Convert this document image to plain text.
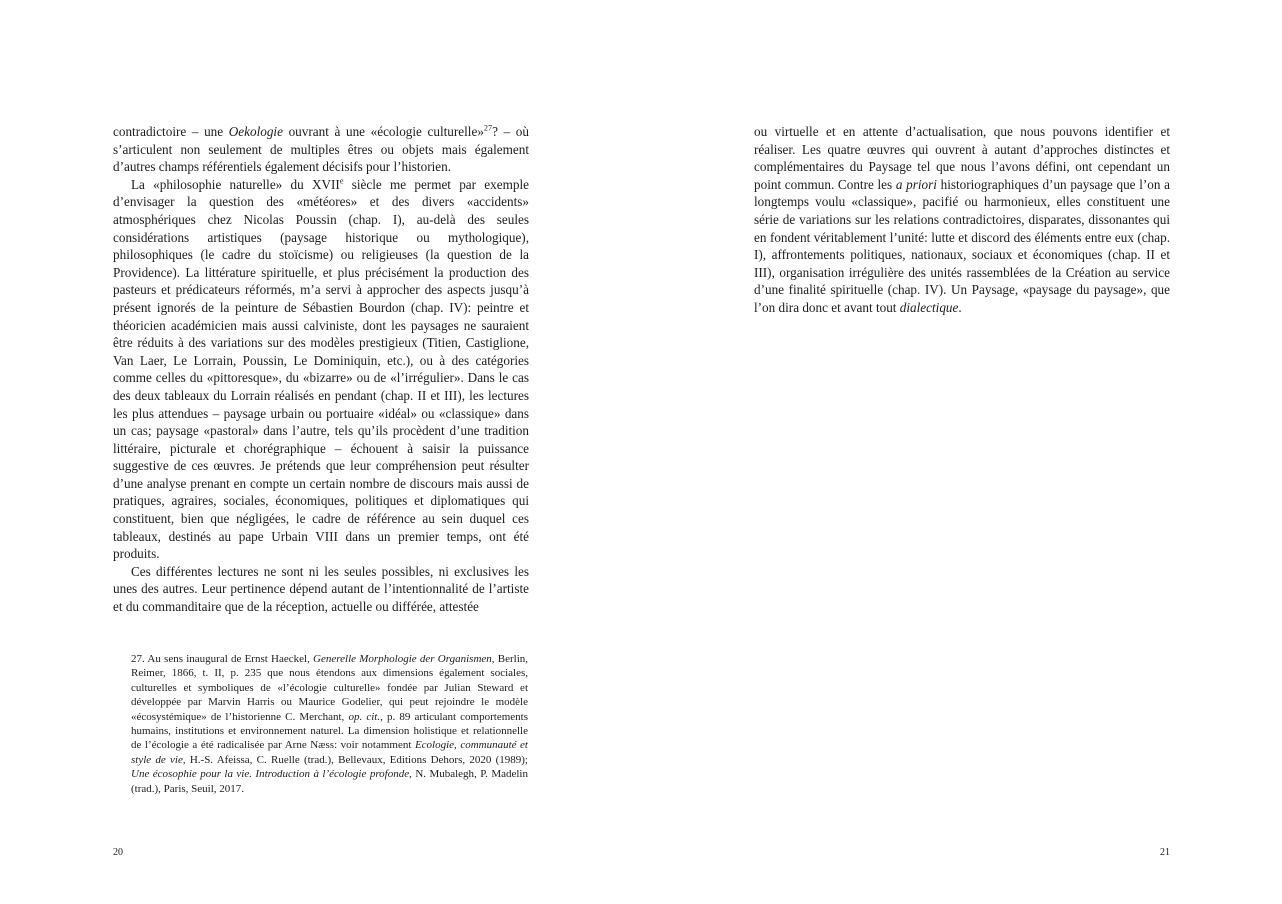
contradictoire – une Oekologie ouvrant à une «écologie culturelle»$^{27}$? – où s’articulent non seulement de multiples êtres ou objets mais également d’autres champs référentiels également décisifs pour l’historien.

La «philosophie naturelle» du XVIIe siècle me permet par exemple d’envisager la question des «météores» et des divers «accidents» atmosphériques chez Nicolas Poussin (chap. I), au-delà des seules considérations artistiques (paysage historique ou mythologique), philosophiques (le cadre du stoïcisme) ou religieuses (la question de la Providence). La littérature spirituelle, et plus précisément la production des pasteurs et prédicateurs réformés, m’a servi à approcher des aspects jusqu’à présent ignorés de la peinture de Sébastien Bourdon (chap. IV): peintre et théoricien académicien mais aussi calviniste, dont les paysages ne sauraient être réduits à des variations sur des modèles prestigieux (Titien, Castiglione, Van Laer, Le Lorrain, Poussin, Le Dominiquin, etc.), ou à des catégories comme celles du «pittoresque», du «bizarre» ou de «l’irrégulier». Dans le cas des deux tableaux du Lorrain réalisés en pendant (chap. II et III), les lectures les plus attendues – paysage urbain ou portuaire «idéal» ou «classique» dans un cas; paysage «pastoral» dans l’autre, tels qu’ils procèdent d’une tradition littéraire, picturale et chorégraphique – échouent à saisir la puissance suggestive de ces œuvres. Je prétends que leur compréhension peut résulter d’une analyse prenant en compte un certain nombre de discours mais aussi de pratiques, agraires, sociales, économiques, politiques et diplomatiques qui constituent, bien que négligées, le cadre de référence au sein duquel ces tableaux, destinés au pape Urbain VIII dans un premier temps, ont été produits.

Ces différentes lectures ne sont ni les seules possibles, ni exclusives les unes des autres. Leur pertinence dépend autant de l’intentionnalité de l’artiste et du commanditaire que de la réception, actuelle ou différée, attestée

27. Au sens inaugural de Ernst Haeckel, Generelle Morphologie der Organismen, Berlin, Reimer, 1866, t. II, p. 235 que nous étendons aux dimensions également sociales, culturelles et symboliques de «l’écologie culturelle» fondée par Julian Steward et développée par Marvin Harris ou Maurice Godelier, qui peut rejoindre le modèle «écosystémique» de l’historienne C. Merchant, op. cit., p. 89 articulant comportements humains, institutions et environnement naturel. La dimension holistique et relationnelle de l’écologie a été radicalisée par Arne Næss: voir notamment Ecologie, communauté et style de vie, H.-S. Afeissa, C. Ruelle (trad.), Bellevaux, Editions Dehors, 2020 (1989); Une écosophie pour la vie. Introduction à l’écologie profonde, N. Mubalegh, P. Madelin (trad.), Paris, Seuil, 2017.

20

ou virtuelle et en attente d’actualisation, que nous pouvons identifier et réaliser. Les quatre œuvres qui ouvrent à autant d’approches distinctes et complémentaires du Paysage tel que nous l’avons défini, ont cependant un point commun. Contre les a priori historiographiques d’un paysage que l’on a longtemps voulu «classique», pacifié ou harmonieux, elles constituent une série de variations sur les relations contradictoires, disparates, dissonantes qui en fondent véritablement l’unité: lutte et discord des éléments entre eux (chap. I), affrontements politiques, nationaux, sociaux et économiques (chap. II et III), organisation irrégulière des unités rassemblées de la Création au service d’une finalité spirituelle (chap. IV). Un Paysage, «paysage du paysage», que l’on dira donc et avant tout dialectique.

21
